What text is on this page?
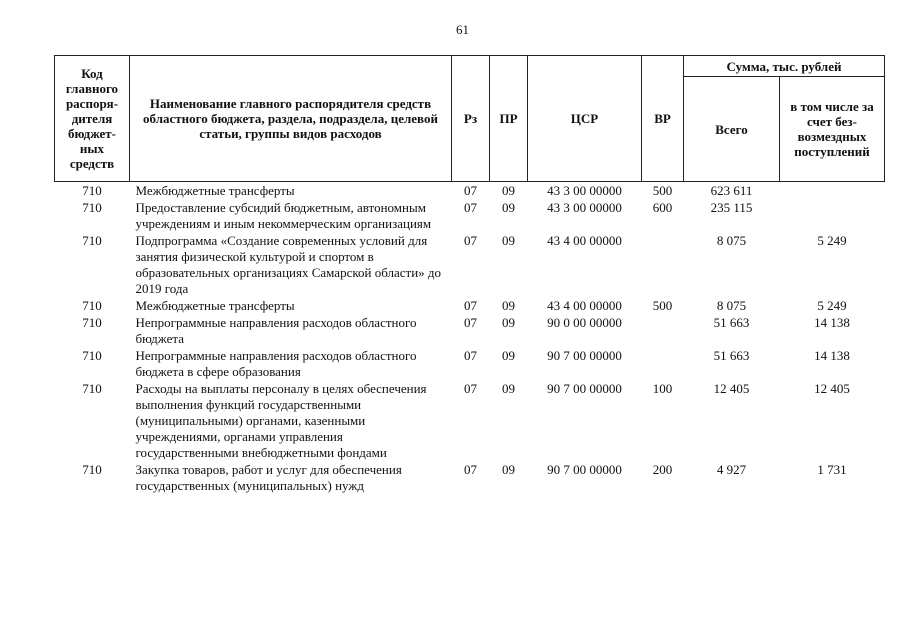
61
Код главного распоря-дителя бюджет-ных средств	Наименование главного распорядителя средств областного бюджета, раздела, подраздела, целевой статьи, группы видов расходов	Рз	ПР	ЦСР	ВР	Сумма, тыс. рублей	
						Всего	в том числе за счет без-возмездных поступлений
710	Межбюджетные трансферты	07	09	43 3 00 00000	500	623 611	
710	Предоставление субсидий бюджетным, автономным учреждениям и иным некоммерческим организациям	07	09	43 3 00 00000	600	235 115	
710	Подпрограмма «Создание современных условий для занятия физической культурой и спортом в образовательных организациях Самарской области» до 2019 года	07	09	43 4 00 00000		8 075	5 249
710	Межбюджетные трансферты	07	09	43 4 00 00000	500	8 075	5 249
710	Непрограммные направления расходов областного бюджета	07	09	90 0 00 00000		51 663	14 138
710	Непрограммные направления расходов областного бюджета в сфере образования	07	09	90 7 00 00000		51 663	14 138
710	Расходы на выплаты персоналу в целях обеспечения выполнения функций государственными (муниципальными) органами, казенными учреждениями, органами управления государственными внебюджетными фондами	07	09	90 7 00 00000	100	12 405	12 405
710	Закупка товаров, работ и услуг для обеспечения государственных (муниципальных) нужд	07	09	90 7 00 00000	200	4 927	1 731
